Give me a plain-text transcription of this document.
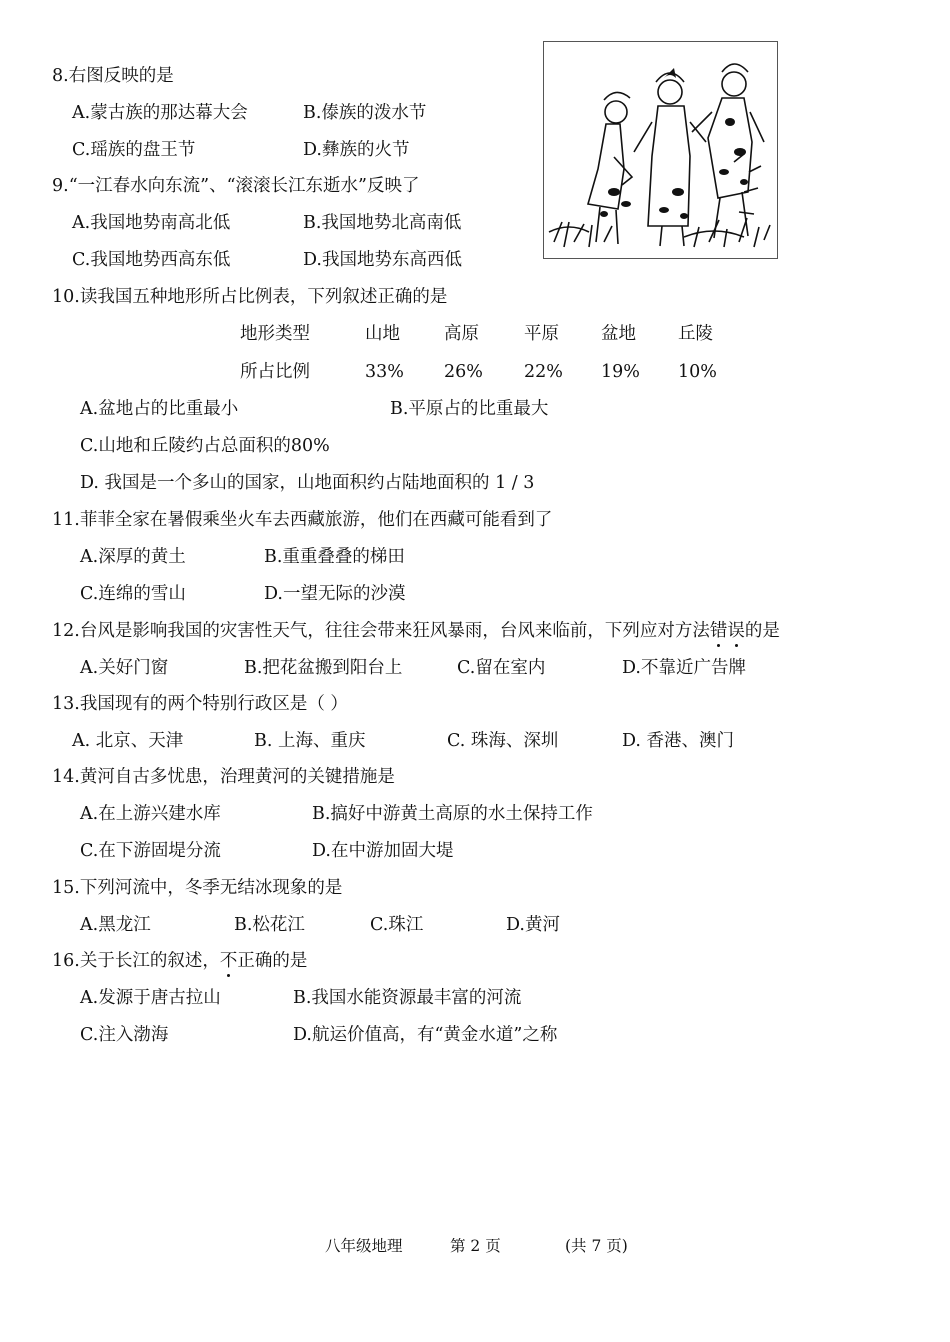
8.右图反映的是
A.蒙古族的那达幕大会	B.傣族的泼水节
C.瑶族的盘王节	D.彝族的火节
9.“一江春水向东流”、“滚滚长江东逝水”反映了
A.我国地势南高北低	B.我国地势北高南低
C.我国地势西高东低	D.我国地势东高西低
10.读我国五种地形所占比例表，下列叙述正确的是
地形类型	山地	高原	平原 盆地 丘陵
所占比例	33% 26% 22% 19% 10%
A.盆地占的比重最小	B.平原占的比重最大
C.山地和丘陵约占总面积的80%
D. 我国是一个多山的国家，山地面积约占陆地面积的 1 / 3
11.菲菲全家在暑假乘坐火车去西藏旅游，他们在西藏可能看到了
A.深厚的黄土	B.重重叠叠的梯田
C.连绵的雪山	D.一望无际的沙漠
12.台风是影响我国的灾害性天气，往往会带来狂风暴雨，台风来临前，下列应对方法错误的是
A.关好门窗	B.把花盆搬到阳台上	C.留在室内	D.不靠近广告牌
13.我国现有的两个特别行政区是（ ）
A. 北京、天津	B. 上海、重庆	C. 珠海、深圳	D. 香港、澳门
14.黄河自古多忧患，治理黄河的关键措施是
A.在上游兴建水库	B.搞好中游黄土高原的水土保持工作
C.在下游固堤分流	D.在中游加固大堤
15.下列河流中，冬季无结冰现象的是
A.黑龙江	B.松花江	C.珠江	D.黄河
16.关于长江的叙述，不正确的是
A.发源于唐古拉山	B.我国水能资源最丰富的河流
C.注入渤海	D.航运价值高，有“黄金水道”之称
八年级地理	第 2 页	(共 7 页)
